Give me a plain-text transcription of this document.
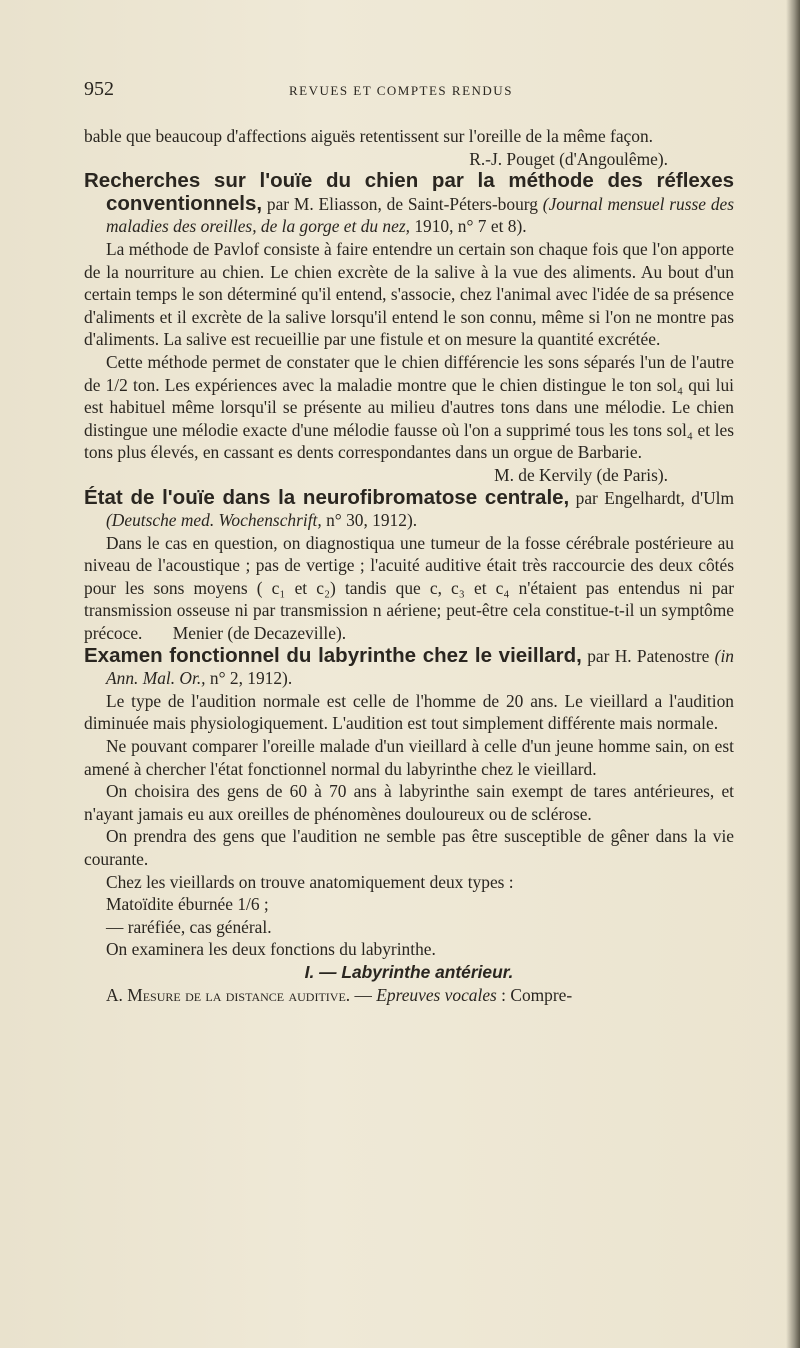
952	REVUES ET COMPTES RENDUS

bable que beaucoup d'affections aiguës retentissent sur l'oreille de la même façon.

R.-J. Pouget (d'Angoulême).

Recherches sur l'ouïe du chien par la méthode des réflexes conventionnels, par M. Eliasson, de Saint-Péters-bourg (Journal mensuel russe des maladies des oreilles, de la gorge et du nez, 1910, n° 7 et 8).

La méthode de Pavlof consiste à faire entendre un certain son chaque fois que l'on apporte de la nourriture au chien. Le chien excrète de la salive à la vue des aliments. Au bout d'un certain temps le son déterminé qu'il entend, s'associe, chez l'animal avec l'idée de sa présence d'aliments et il excrète de la salive lorsqu'il entend le son connu, même si l'on ne montre pas d'aliments. La salive est recueillie par une fistule et on mesure la quantité excrétée.

Cette méthode permet de constater que le chien différencie les sons séparés l'un de l'autre de 1/2 ton. Les expériences avec la maladie montre que le chien distingue le ton sol₄ qui lui est habituel même lorsqu'il se présente au milieu d'autres tons dans une mélodie. Le chien distingue une mélodie exacte d'une mélodie fausse où l'on a supprimé tous les tons sol₄ et les tons plus élevés, en cassant es dents correspondantes dans un orgue de Barbarie.

M. de Kervily (de Paris).

État de l'ouïe dans la neurofibromatose centrale, par Engelhardt, d'Ulm (Deutsche med. Wochenschrift, n° 30, 1912).

Dans le cas en question, on diagnostiqua une tumeur de la fosse cérébrale postérieure au niveau de l'acoustique ; pas de vertige ; l'acuité auditive était très raccourcie des deux côtés pour les sons moyens ( c₁ et c₂) tandis que c, c₃ et c₄ n'étaient pas entendus ni par transmission osseuse ni par transmission n aériene; peut-être cela constitue-t-il un symptôme précoce. Menier (de Decazeville).

Examen fonctionnel du labyrinthe chez le vieillard, par H. Patenostre (in Ann. Mal. Or., n° 2, 1912).

Le type de l'audition normale est celle de l'homme de 20 ans. Le vieillard a l'audition diminuée mais physiologiquement. L'audition est tout simplement différente mais normale.

Ne pouvant comparer l'oreille malade d'un vieillard à celle d'un jeune homme sain, on est amené à chercher l'état fonctionnel normal du labyrinthe chez le vieillard.

On choisira des gens de 60 à 70 ans à labyrinthe sain exempt de tares antérieures, et n'ayant jamais eu aux oreilles de phénomènes douloureux ou de sclérose.

On prendra des gens que l'audition ne semble pas être susceptible de gêner dans la vie courante.

Chez les vieillards on trouve anatomiquement deux types :

Matoïdite éburnée 1/6 ;

— raréfiée, cas général.

On examinera les deux fonctions du labyrinthe.

I. — Labyrinthe antérieur.

A. Mesure de la distance auditive. — Epreuves vocales : Compre-
